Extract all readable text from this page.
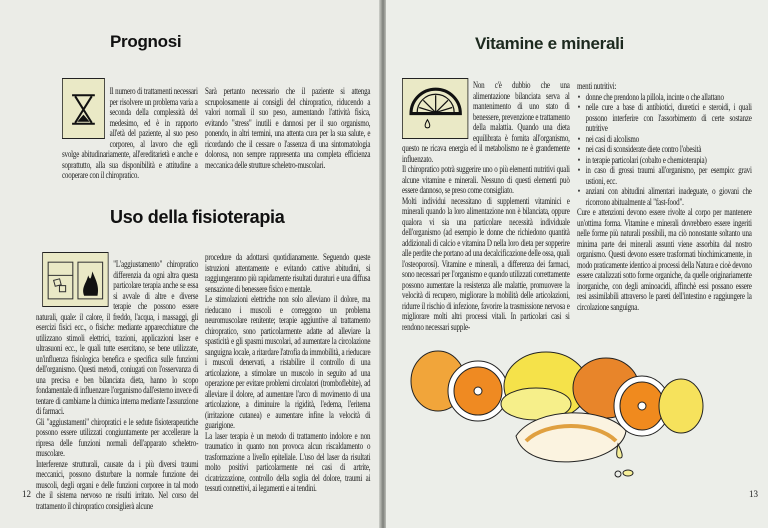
Prognosi

Il numero di trattamenti necessari per risolvere un problema varia a seconda della complessità del medesimo, ed è in rapporto all'età del paziente, al suo peso corporeo, al lavoro che egli svolge abitudinariamente, all'ereditarietà e anche e soprattutto, alla sua disponibilità e attitudine a cooperare con il chiropratico.

Sarà pertanto necessario che il paziente si attenga scrupolosamente ai consigli del chiropratico, riducendo a valori normali il suo peso, aumentando l'attività fisica, evitando "stress" inutili e dannosi per il suo organismo, ponendo, in altri termini, una attenta cura per la sua salute, e ricordando che il cessare o l'assenza di una sintomatologia dolorosa, non sempre rappresenta una completa efficienza meccanica delle strutture scheletro-muscolari.

Uso della fisioterapia

"L'aggiustamento" chiropratico differenzia da ogni altra questa particolare terapia anche se essa si avvale di altre e diverse terapie che possono essere naturali, quale: il calore, il freddo, l'acqua, i massaggi, gli esercizi fisici ecc., o fisiche: mediante apparecchiature che utilizzano stimoli elettrici, trazioni, applicazioni laser e ultrasuoni ecc., le quali tutte esercitano, se bene utilizzate, un'influenza fisiologica benefica e specifica sulle funzioni dell'organismo. Questi metodi, coniugati con l'osservanza di una precisa e ben bilanciata dieta, hanno lo scopo fondamentale di influenzare l'organismo dall'esterno invece di tentare di cambiarne la chimica interna mediante l'assunzione di farmaci.

Gli "aggiustamenti" chiropratici e le sedute fisioterapeutiche possono essere utilizzati congiuntamente per accellerare la ripresa delle funzioni normali dell'apparato scheletro-muscolare.

Interferenze strutturali, causate da i più diversi traumi meccanici, possono disturbare la normale funzione dei muscoli, degli organi e delle funzioni corporee in tal modo che il sistema nervoso ne risulti irritato. Nel corso del trattamento il chiropratico consiglierà alcune

procedure da adottarsi quotidianamente. Seguendo queste istruzioni attentamente e evitando cattive abitudini, si raggiungeranno più rapidamente risultati duraturi e una diffusa sensazione di benessere fisico e mentale.

Le stimolazioni elettriche non solo alleviano il dolore, ma rieducano i muscoli e correggono un problema neuromuscolare renitente; terapie aggiuntive al trattamento chiropratico, sono particolarmente adatte ad alleviare la spasticità e gli spasmi muscolari, ad aumentare la circolazione sanguigna locale, a ritardare l'atrofia da immobilità, a rieducare i muscoli denervati, a ristabilire il controllo di una articolazione, a stimolare un muscolo in seguito ad una operazione per evitare problemi circolatori (tromboflebite), ad alleviare il dolore, ad aumentare l'arco di movimento di una articolazione, a diminuire la rigidità, l'edema, l'eritema (irritazione cutanea) e aumentare infine la velocità di guarigione.

La laser terapia è un metodo di trattamento indolore e non traumatico in quanto non provoca alcun riscaldamento o trasformazione a livello epiteliale. L'uso del laser da risultati molto positivi particolarmente nei casi di artrite, cicatrizzazione, controllo della soglia del dolore, traumi ai tessuti connettivi, ai legamenti e ai tendini.

12
Vitamine e minerali

Non c'è dubbio che una alimentazione bilanciata serva al mantenimento di uno stato di benessere, prevenzione e trattamento della malattia. Quando una dieta equilibrata è fornita all'organismo, questo ne ricava energia ed il metabolismo ne è grandemente influenzato.

Il chiropratico potrà suggerire uno o più elementi nutritivi quali alcune vitamine e minerali. Nessuno di questi elementi può essere dannoso, se preso come consigliato.

Molti individui necessitano di supplementi vitaminici e minerali quando la loro alimentazione non è bilanciata, oppure qualora vi sia una particolare necessità individuale dell'organismo (ad esempio le donne che richiedono quantità addizionali di calcio e vitamina D nella loro dieta per sopperire alle perdite che portano ad una decalcificazione delle ossa, quali l'osteoporosi). Vitamine e minerali, a differenza dei farmaci, sono necessari per l'organismo e quando utilizzati correttamente possono aumentare la resistenza alle malattie, promuovere la velocità di recupero, migliorare la mobilità delle articolazioni, ridurre il rischio di infezione, favorire la trasmissione nervosa e migliorare molti altri processi vitali. In particolari casi si rendono necessari supple-

menti nutritivi:

• donne che prendono la pillola, incinte o che allattano
• nelle cure a base di antibiotici, diuretici e steroidi, i quali possono interferire con l'assorbimento di certe sostanze nutritive
• nei casi di alcolismo
• nei casi di sconsiderate diete contro l'obesità
• in terapie particolari (cobalto e chemioterapia)
• in caso di grossi traumi all'organismo, per esempio: gravi ustioni, ecc.
• anziani con abitudini alimentari inadeguate, o giovani che ricorrono abitualmente al "fast-food".

Cure e attenzioni devono essere rivolte al corpo per mantenere un'ottima forma. Vitamine e minerali dovrebbero essere ingeriti nelle forme più naturali possibili, ma ciò nonostante soltanto una minima parte dei minerali assunti viene assorbita dal nostro organismo. Questi devono essere trasformati biochimicamente, in modo praticamente identico ai processi della Natura e cioè devono essere catalizzati sotto forme organiche, da quelle originariamente inorganiche, con degli aminoacidi, affinchè essi possano essere resi assimilabili attraverso le pareti dell'intestino e raggiungere la circolazione sanguigna.

13
